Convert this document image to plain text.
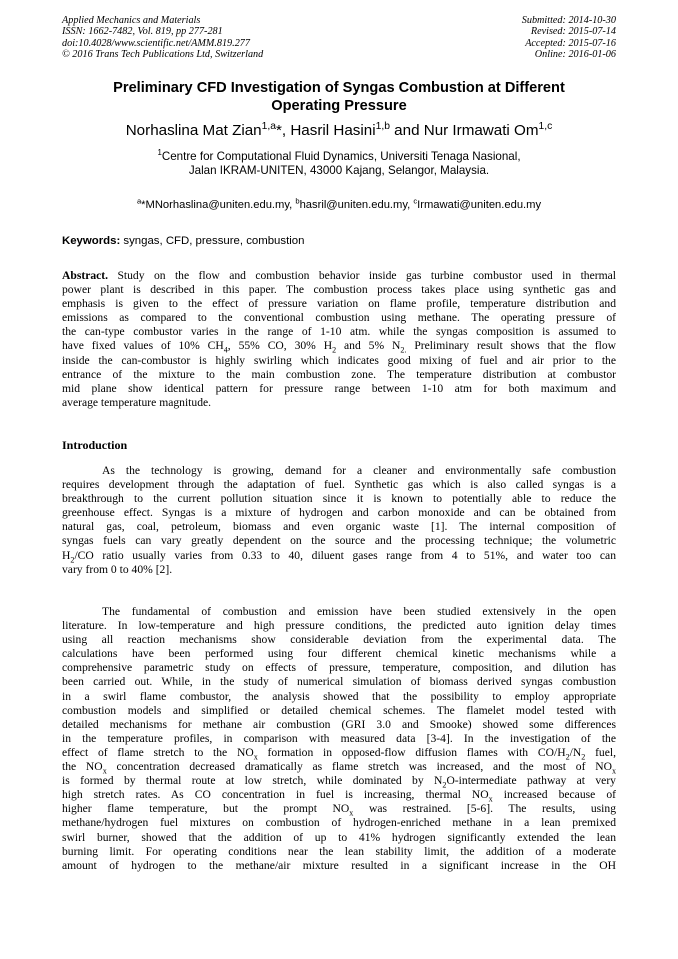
Applied Mechanics and Materials
ISSN: 1662-7482, Vol. 819, pp 277-281
doi:10.4028/www.scientific.net/AMM.819.277
© 2016 Trans Tech Publications Ltd, Switzerland
Submitted: 2014-10-30
Revised: 2015-07-14
Accepted: 2015-07-16
Online: 2016-01-06
Preliminary CFD Investigation of Syngas Combustion at Different
Operating Pressure
Norhaslina Mat Zian$^{1,a}$*, Hasril Hasini$^{1,b}$ and Nur Irmawati Om$^{1,c}$
$^1$Centre for Computational Fluid Dynamics, Universiti Tenaga Nasional,
Jalan IKRAM-UNITEN, 43000 Kajang, Selangor, Malaysia.
$^a$*MNorhaslina@uniten.edu.my, $^b$hasril@uniten.edu.my, $^c$Irmawati@uniten.edu.my
Keywords: syngas, CFD, pressure, combustion
Abstract. Study on the flow and combustion behavior inside gas turbine combustor used in thermal
power plant is described in this paper. The combustion process takes place using synthetic gas and
emphasis is given to the effect of pressure variation on flame profile, temperature distribution and
emissions as compared to the conventional combustion using methane. The operating pressure of
the can-type combustor varies in the range of 1-10 atm. while the syngas composition is assumed to
have fixed values of 10% $CH_4$, 55% CO, 30% $H_2$ and 5% $N_{2.}$ Preliminary result shows that the flow
inside the can-combustor is highly swirling which indicates good mixing of fuel and air prior to the
entrance of the mixture to the main combustion zone. The temperature distribution at combustor
mid plane show identical pattern for pressure range between 1-10 atm for both maximum and
average temperature magnitude.
Introduction
As the technology is growing, demand for a cleaner and environmentally safe combustion
requires development through the adaptation of fuel. Synthetic gas which is also called syngas is a
breakthrough to the current pollution situation since it is known to potentially able to reduce the
greenhouse effect. Syngas is a mixture of hydrogen and carbon monoxide and can be obtained from
natural gas, coal, petroleum, biomass and even organic waste [1]. The internal composition of
syngas fuels can vary greatly dependent on the source and the processing technique; the volumetric
$H_2/CO$ ratio usually varies from 0.33 to 40, diluent gases range from 4 to 51%, and water too can
vary from 0 to 40% [2].
The fundamental of combustion and emission have been studied extensively in the open
literature. In low-temperature and high pressure conditions, the predicted auto ignition delay times
using all reaction mechanisms show considerable deviation from the experimental data. The
calculations have been performed using four different chemical kinetic mechanisms while a
comprehensive parametric study on effects of pressure, temperature, composition, and dilution has
been carried out. While, in the study of numerical simulation of biomass derived syngas combustion
in a swirl flame combustor, the analysis showed that the possibility to employ appropriate
combustion models and simplified or detailed chemical schemes. The flamelet model tested with
detailed mechanisms for methane air combustion (GRI 3.0 and Smooke) showed some differences
in the temperature profiles, in comparison with measured data [3-4]. In the investigation of the
effect of flame stretch to the $NO_x$ formation in opposed-flow diffusion flames with $CO/H_2/N_2$ fuel,
the $NO_x$ concentration decreased dramatically as flame stretch was increased, and the most of $NO_x$
is formed by thermal route at low stretch, while dominated by $N_2O$-intermediate pathway at very
high stretch rates. As CO concentration in fuel is increasing, thermal $NO_x$ increased because of
higher flame temperature, but the prompt $NO_x$ was restrained. [5-6]. The results, using
methane/hydrogen fuel mixtures on combustion of hydrogen-enriched methane in a lean premixed
swirl burner, showed that the addition of up to 41% hydrogen significantly extended the lean
burning limit. For operating conditions near the lean stability limit, the addition of a moderate
amount of hydrogen to the methane/air mixture resulted in a significant increase in the OH
